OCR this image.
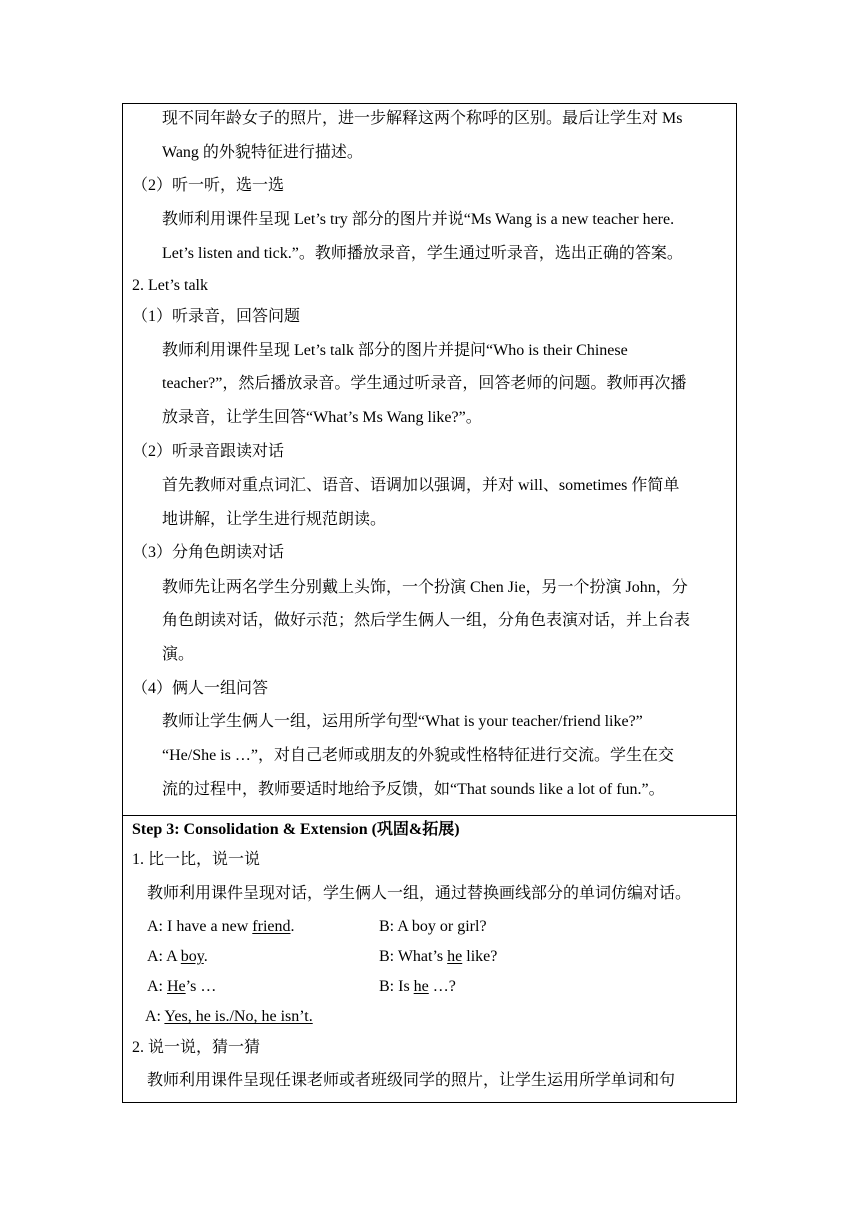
现不同年龄女子的照片，进一步解释这两个称呼的区别。最后让学生对 Ms
Wang 的外貌特征进行描述。
（2）听一听，选一选
教师利用课件呈现 Let’s try 部分的图片并说“Ms Wang is a new teacher here.
Let’s listen and tick.”。教师播放录音，学生通过听录音，选出正确的答案。
2. Let’s talk
（1）听录音，回答问题
教师利用课件呈现 Let’s talk 部分的图片并提问“Who is their Chinese
teacher?”，然后播放录音。学生通过听录音，回答老师的问题。教师再次播
放录音，让学生回答“What’s Ms Wang like?”。
（2）听录音跟读对话
首先教师对重点词汇、语音、语调加以强调，并对 will、sometimes 作简单
地讲解，让学生进行规范朗读。
（3）分角色朗读对话
教师先让两名学生分别戴上头饰，一个扮演 Chen Jie，另一个扮演 John，分
角色朗读对话，做好示范；然后学生俩人一组，分角色表演对话，并上台表
演。
（4）俩人一组问答
教师让学生俩人一组，运用所学句型“What is your teacher/friend like?”
“He/She is …”，对自己老师或朋友的外貌或性格特征进行交流。学生在交
流的过程中，教师要适时地给予反馈，如“That sounds like a lot of fun.”。
Step 3: Consolidation & Extension (巩固&拓展)
1. 比一比，说一说
教师利用课件呈现对话，学生俩人一组，通过替换画线部分的单词仿编对话。
A: I have a new friend.	B: A boy or girl?
A: A boy.	B: What’s he like?
A: He’s …	B: Is he …?
A: Yes, he is./No, he isn’t.
2. 说一说，猜一猜
教师利用课件呈现任课老师或者班级同学的照片，让学生运用所学单词和句
